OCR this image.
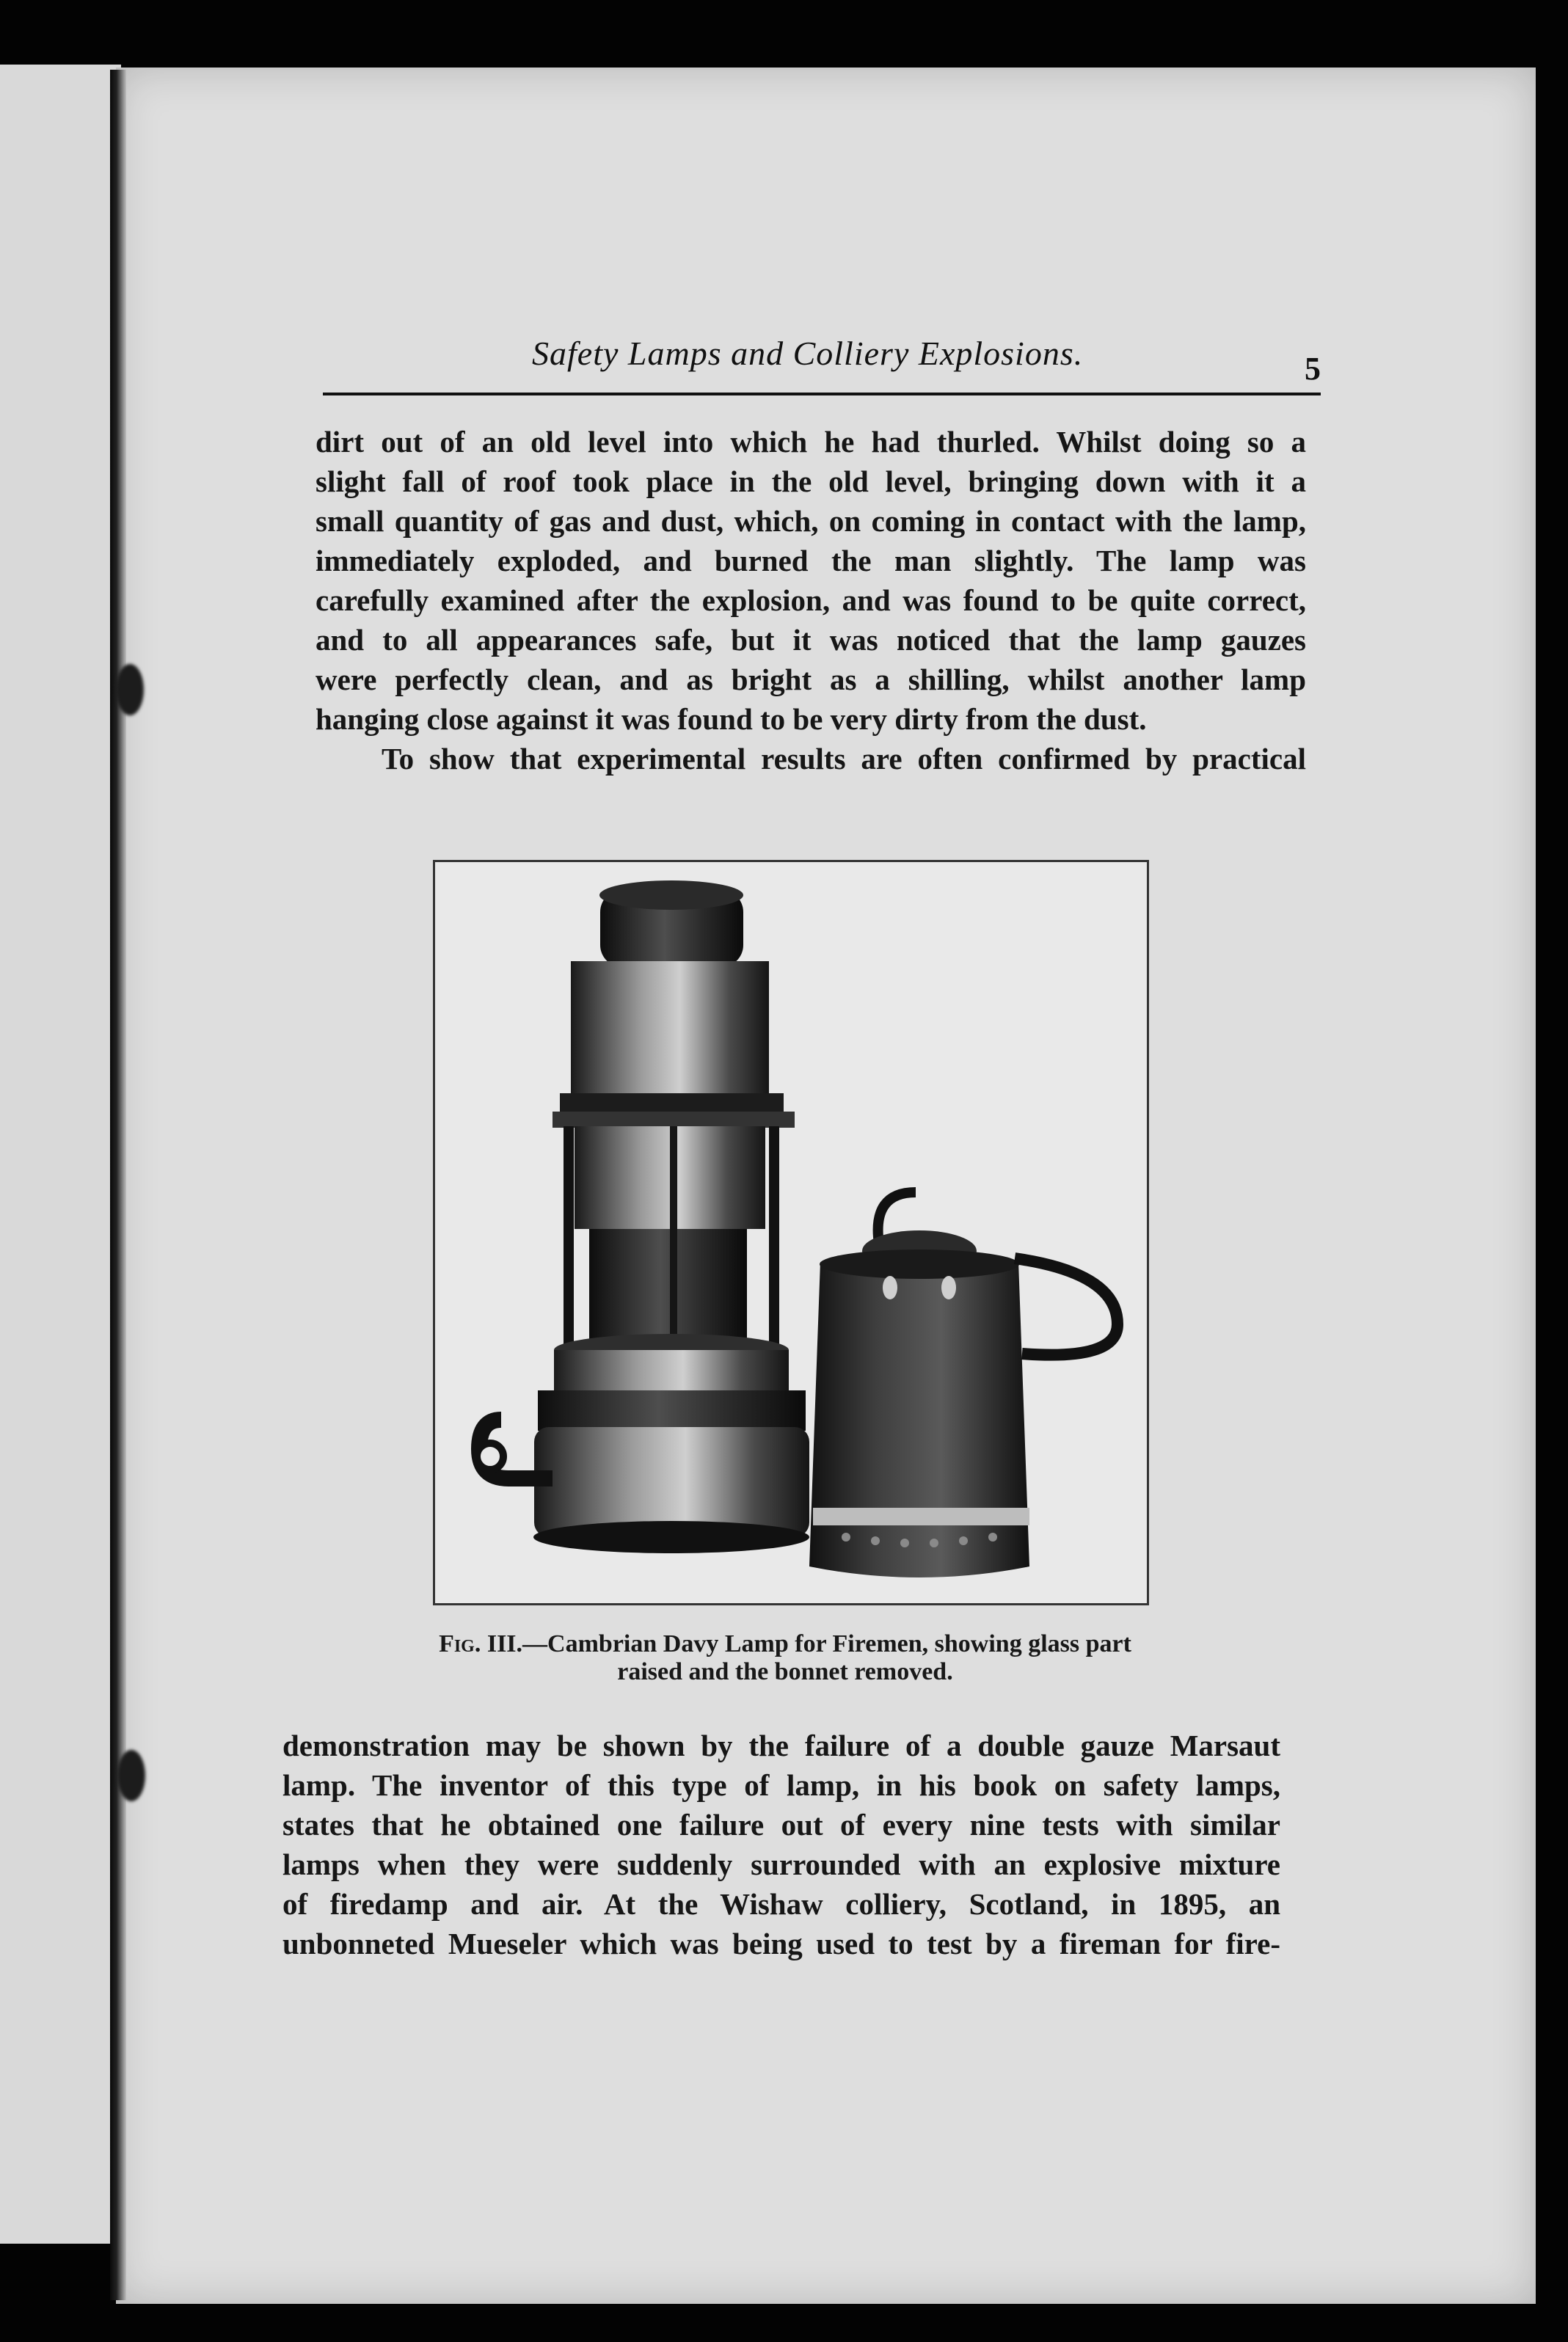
Safety Lamps and Colliery Explosions.	5
dirt out of an old level into which he had thurled. Whilst doing so a
slight fall of roof took place in the old level, bringing down with it a
small quantity of gas and dust, which, on coming in contact with the lamp,
immediately exploded, and burned the man slightly. The lamp was
carefully examined after the explosion, and was found to be quite correct,
and to all appearances safe, but it was noticed that the lamp gauzes
were perfectly clean, and as bright as a shilling, whilst another lamp
hanging close against it was found to be very dirty from the dust.
To show that experimental results are often confirmed by practical
Fig. III.—Cambrian Davy Lamp for Firemen, showing glass part
raised and the bonnet removed.
demonstration may be shown by the failure of a double gauze Marsaut
lamp. The inventor of this type of lamp, in his book on safety lamps,
states that he obtained one failure out of every nine tests with similar
lamps when they were suddenly surrounded with an explosive mixture
of firedamp and air. At the Wishaw colliery, Scotland, in 1895, an
unbonneted Mueseler which was being used to test by a fireman for fire-
